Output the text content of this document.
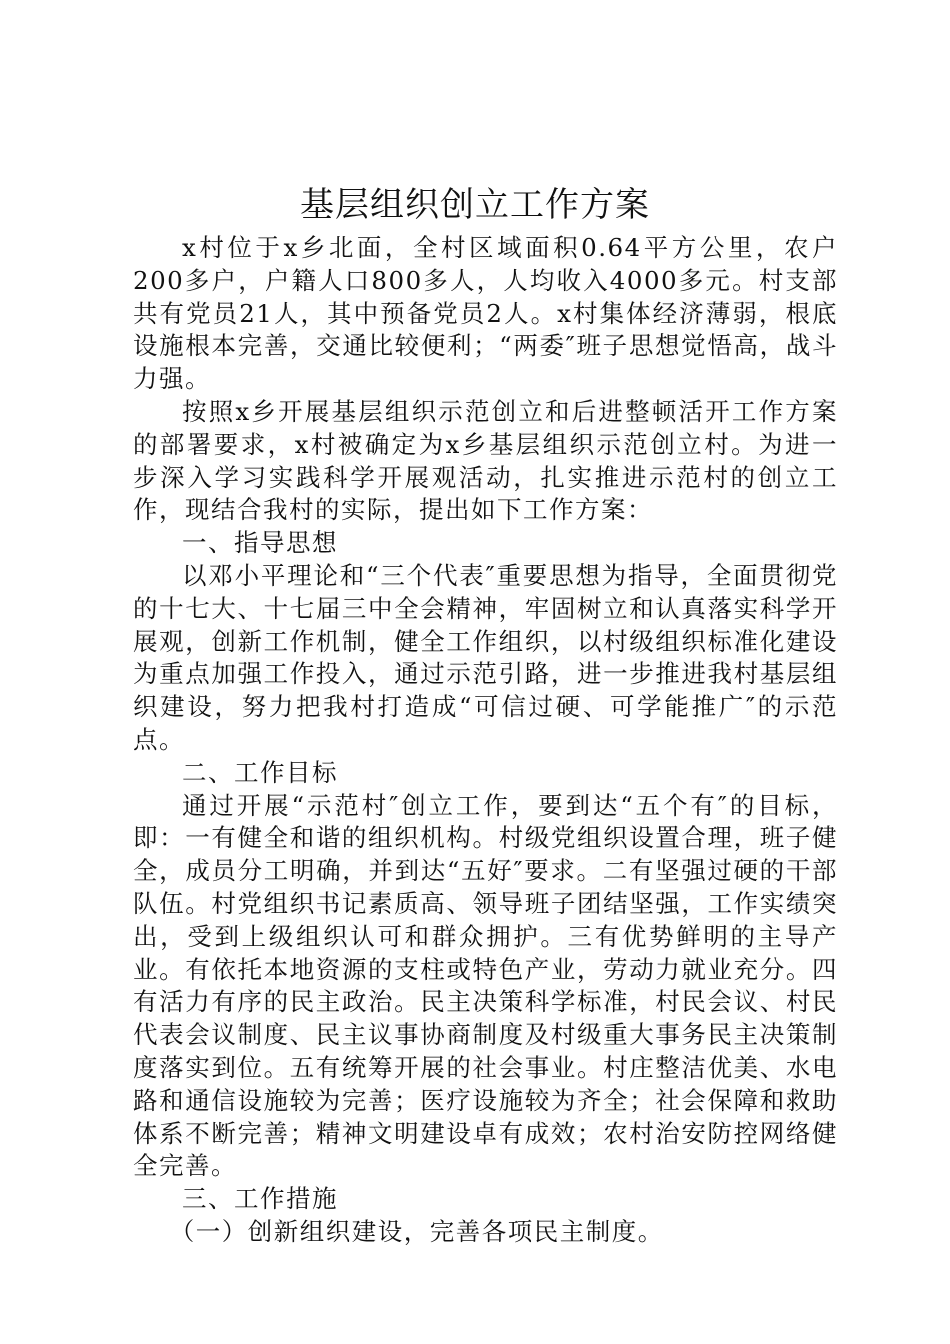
基层组织创立工作方案

x村位于x乡北面，全村区域面积0.64平方公里，农户200多户，户籍人口800多人，人均收入4000多元。村支部共有党员21人，其中预备党员2人。x村集体经济薄弱，根底设施根本完善，交通比较便利；“两委″班子思想觉悟高，战斗力强。

按照x乡开展基层组织示范创立和后进整顿活开工作方案的部署要求，x村被确定为x乡基层组织示范创立村。为进一步深入学习实践科学开展观活动，扎实推进示范村的创立工作，现结合我村的实际，提出如下工作方案：

一、指导思想

以邓小平理论和“三个代表″重要思想为指导，全面贯彻党的十七大、十七届三中全会精神，牢固树立和认真落实科学开展观，创新工作机制，健全工作组织，以村级组织标准化建设为重点加强工作投入，通过示范引路，进一步推进我村基层组织建设，努力把我村打造成“可信过硬、可学能推广″的示范点。

二、工作目标

通过开展“示范村″创立工作，要到达“五个有″的目标，即：一有健全和谐的组织机构。村级党组织设置合理，班子健全，成员分工明确，并到达“五好″要求。二有坚强过硬的干部队伍。村党组织书记素质高、领导班子团结坚强，工作实绩突出，受到上级组织认可和群众拥护。三有优势鲜明的主导产业。有依托本地资源的支柱或特色产业，劳动力就业充分。四有活力有序的民主政治。民主决策科学标准，村民会议、村民代表会议制度、民主议事协商制度及村级重大事务民主决策制度落实到位。五有统筹开展的社会事业。村庄整洁优美、水电路和通信设施较为完善；医疗设施较为齐全；社会保障和救助体系不断完善；精神文明建设卓有成效；农村治安防控网络健全完善。

三、工作措施

（一）创新组织建设，完善各项民主制度。
